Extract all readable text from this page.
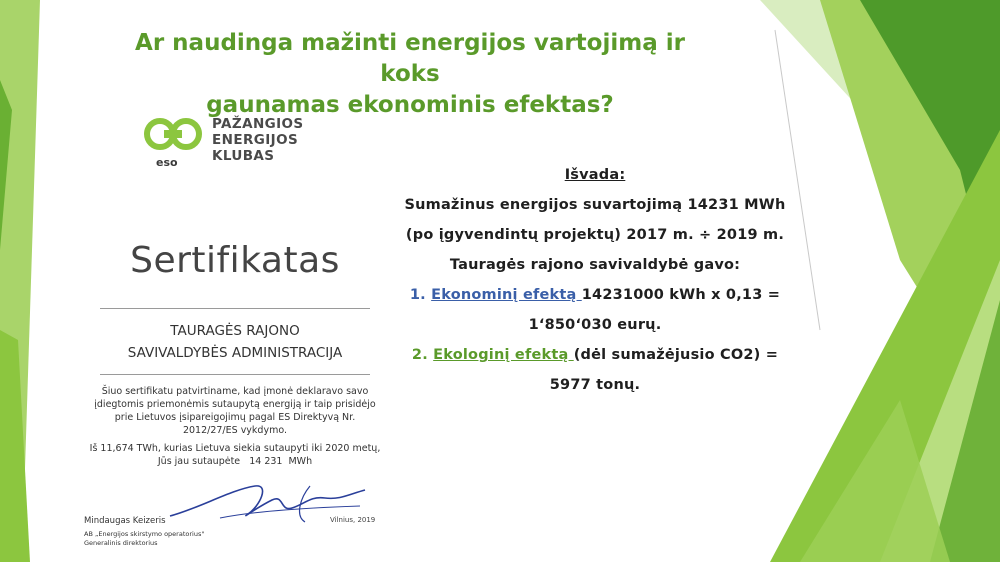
Ar naudinga mažinti energijos vartojimą ir koks
gaunamas ekonominis efektas?
PAŽANGIOS
ENERGIJOS
KLUBAS
eso
Sertifikatas
TAURAGĖS RAJONO
SAVIVALDYBĖS ADMINISTRACIJA
Šiuo sertifikatu patvirtiname, kad įmonė deklaravo savo
įdiegtomis priemonėmis sutaupytą energiją ir taip prisidėjo
prie Lietuvos įsipareigojimų pagal ES Direktyvą Nr.
2012/27/ES vykdymo.
Iš 11,674 TWh, kurias Lietuva siekia sutaupyti iki 2020 metų,
Jūs jau sutaupėte   14 231  MWh
Mindaugas Keizeris	Vilnius, 2019
AB „Energijos skirstymo operatorius"
Generalinis direktorius
Išvada:
Sumažinus energijos suvartojimą 14231 MWh
(po įgyvendintų projektų) 2017 m. ÷ 2019 m.
Tauragės rajono savivaldybė gavo:
1. Ekonominį efektą 14231000 kWh x 0,13 =
1‘850‘030 eurų.
2. Ekologinį efektą (dėl sumažėjusio CO2) =
5977 tonų.
